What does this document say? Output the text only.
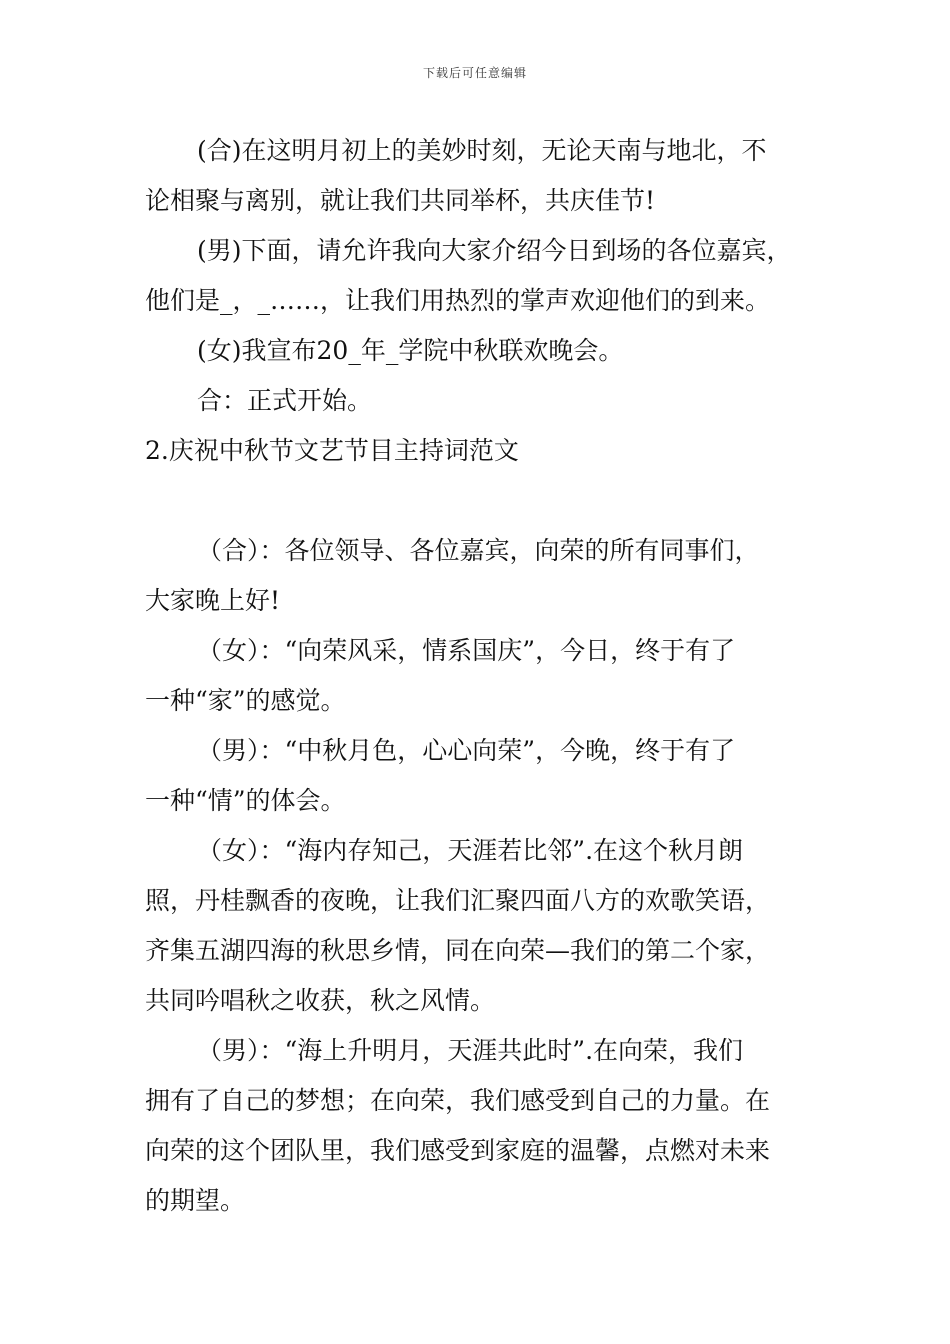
下载后可任意编辑
(合)在这明月初上的美妙时刻，无论天南与地北，不
论相聚与离别，就让我们共同举杯，共庆佳节!
(男)下面，请允许我向大家介绍今日到场的各位嘉宾，
他们是_，_……，让我们用热烈的掌声欢迎他们的到来。
(女)我宣布20_年_学院中秋联欢晚会。
合：正式开始。
2.庆祝中秋节文艺节目主持词范文
（合）：各位领导、各位嘉宾，向荣的所有同事们，
大家晚上好!
（女）：“向荣风采，情系国庆”，今日，终于有了
一种“家”的感觉。
（男）：“中秋月色，心心向荣”，今晚，终于有了
一种“情”的体会。
（女）：“海内存知己，天涯若比邻”.在这个秋月朗
照，丹桂飘香的夜晚，让我们汇聚四面八方的欢歌笑语，
齐集五湖四海的秋思乡情，同在向荣—我们的第二个家，
共同吟唱秋之收获，秋之风情。
（男）：“海上升明月，天涯共此时”.在向荣，我们
拥有了自己的梦想；在向荣，我们感受到自己的力量。在
向荣的这个团队里，我们感受到家庭的温馨，点燃对未来
的期望。
